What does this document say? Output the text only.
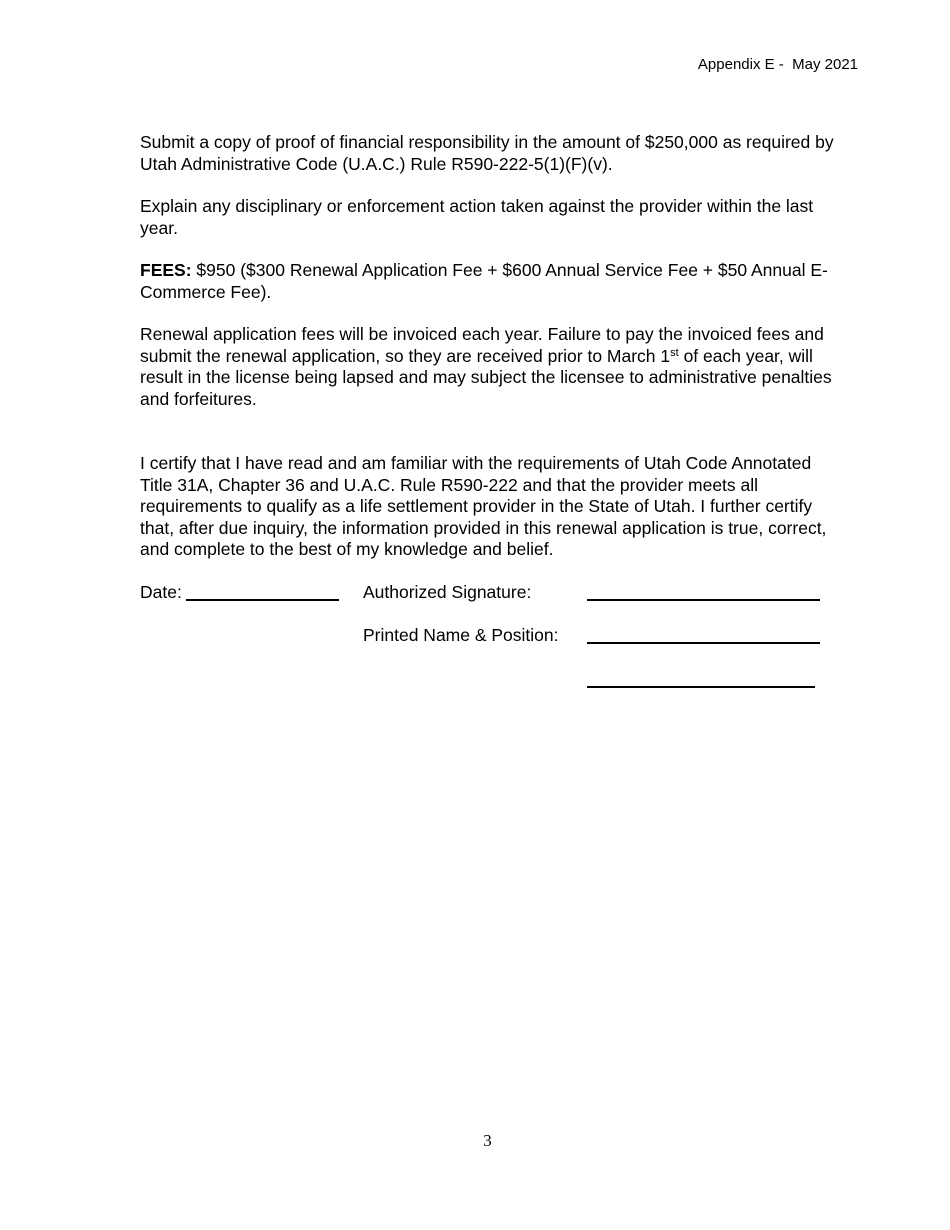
Appendix E -  May 2021

Submit a copy of proof of financial responsibility in the amount of $250,000 as required by Utah Administrative Code (U.A.C.) Rule R590-222-5(1)(F)(v).

Explain any disciplinary or enforcement action taken against the provider within the last year.

FEES: $950 ($300 Renewal Application Fee + $600 Annual Service Fee + $50 Annual E-Commerce Fee).

Renewal application fees will be invoiced each year. Failure to pay the invoiced fees and submit the renewal application, so they are received prior to March 1st of each year, will result in the license being lapsed and may subject the licensee to administrative penalties and forfeitures.

I certify that I have read and am familiar with the requirements of Utah Code Annotated Title 31A, Chapter 36 and U.A.C. Rule R590-222 and that the provider meets all requirements to qualify as a life settlement provider in the State of Utah. I further certify that, after due inquiry, the information provided in this renewal application is true, correct, and complete to the best of my knowledge and belief.

Date:	Authorized Signature:
Printed Name & Position:
3
